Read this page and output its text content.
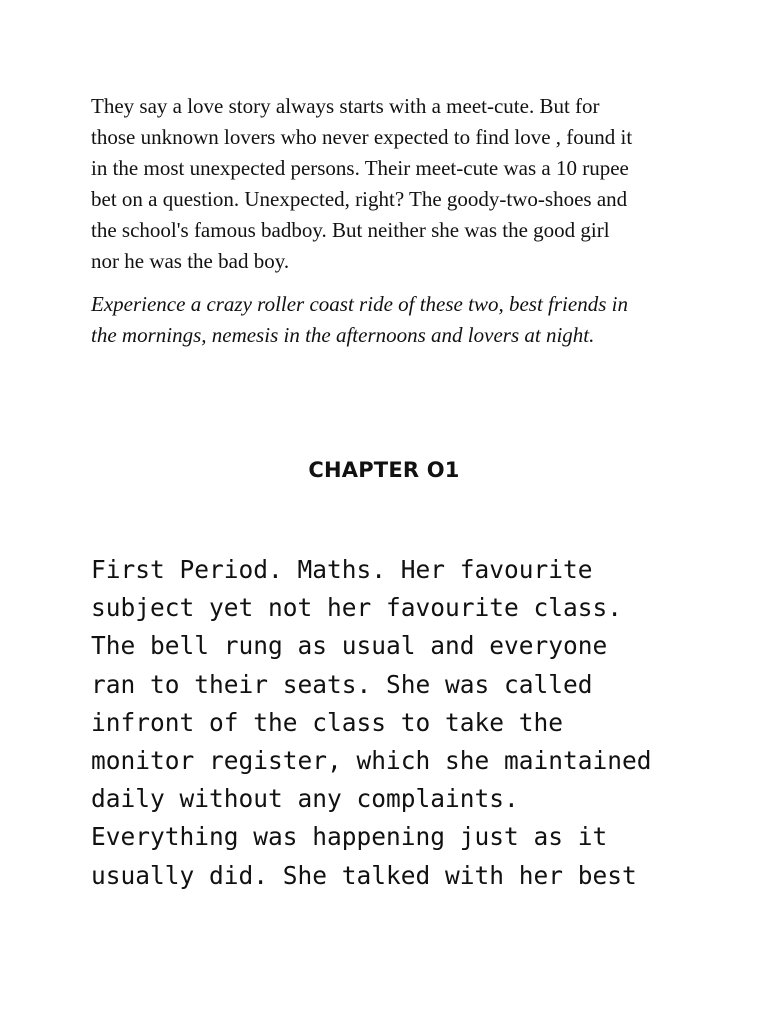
They say a love story always starts with a meet-cute. But for
those unknown lovers who never expected to find love , found it
in the most unexpected persons. Their meet-cute was a 10 rupee
bet on a question. Unexpected, right? The goody-two-shoes and
the school's famous badboy. But neither she was the good girl
nor he was the bad boy.

Experience a crazy roller coast ride of these two, best friends in
the mornings, nemesis in the afternoons and lovers at night.

CHAPTER O1

First Period. Maths. Her favourite
subject yet not her favourite class.
The bell rung as usual and everyone
ran to their seats. She was called
infront of the class to take the
monitor register, which she maintained
daily without any complaints.
Everything was happening just as it
usually did. She talked with her best
